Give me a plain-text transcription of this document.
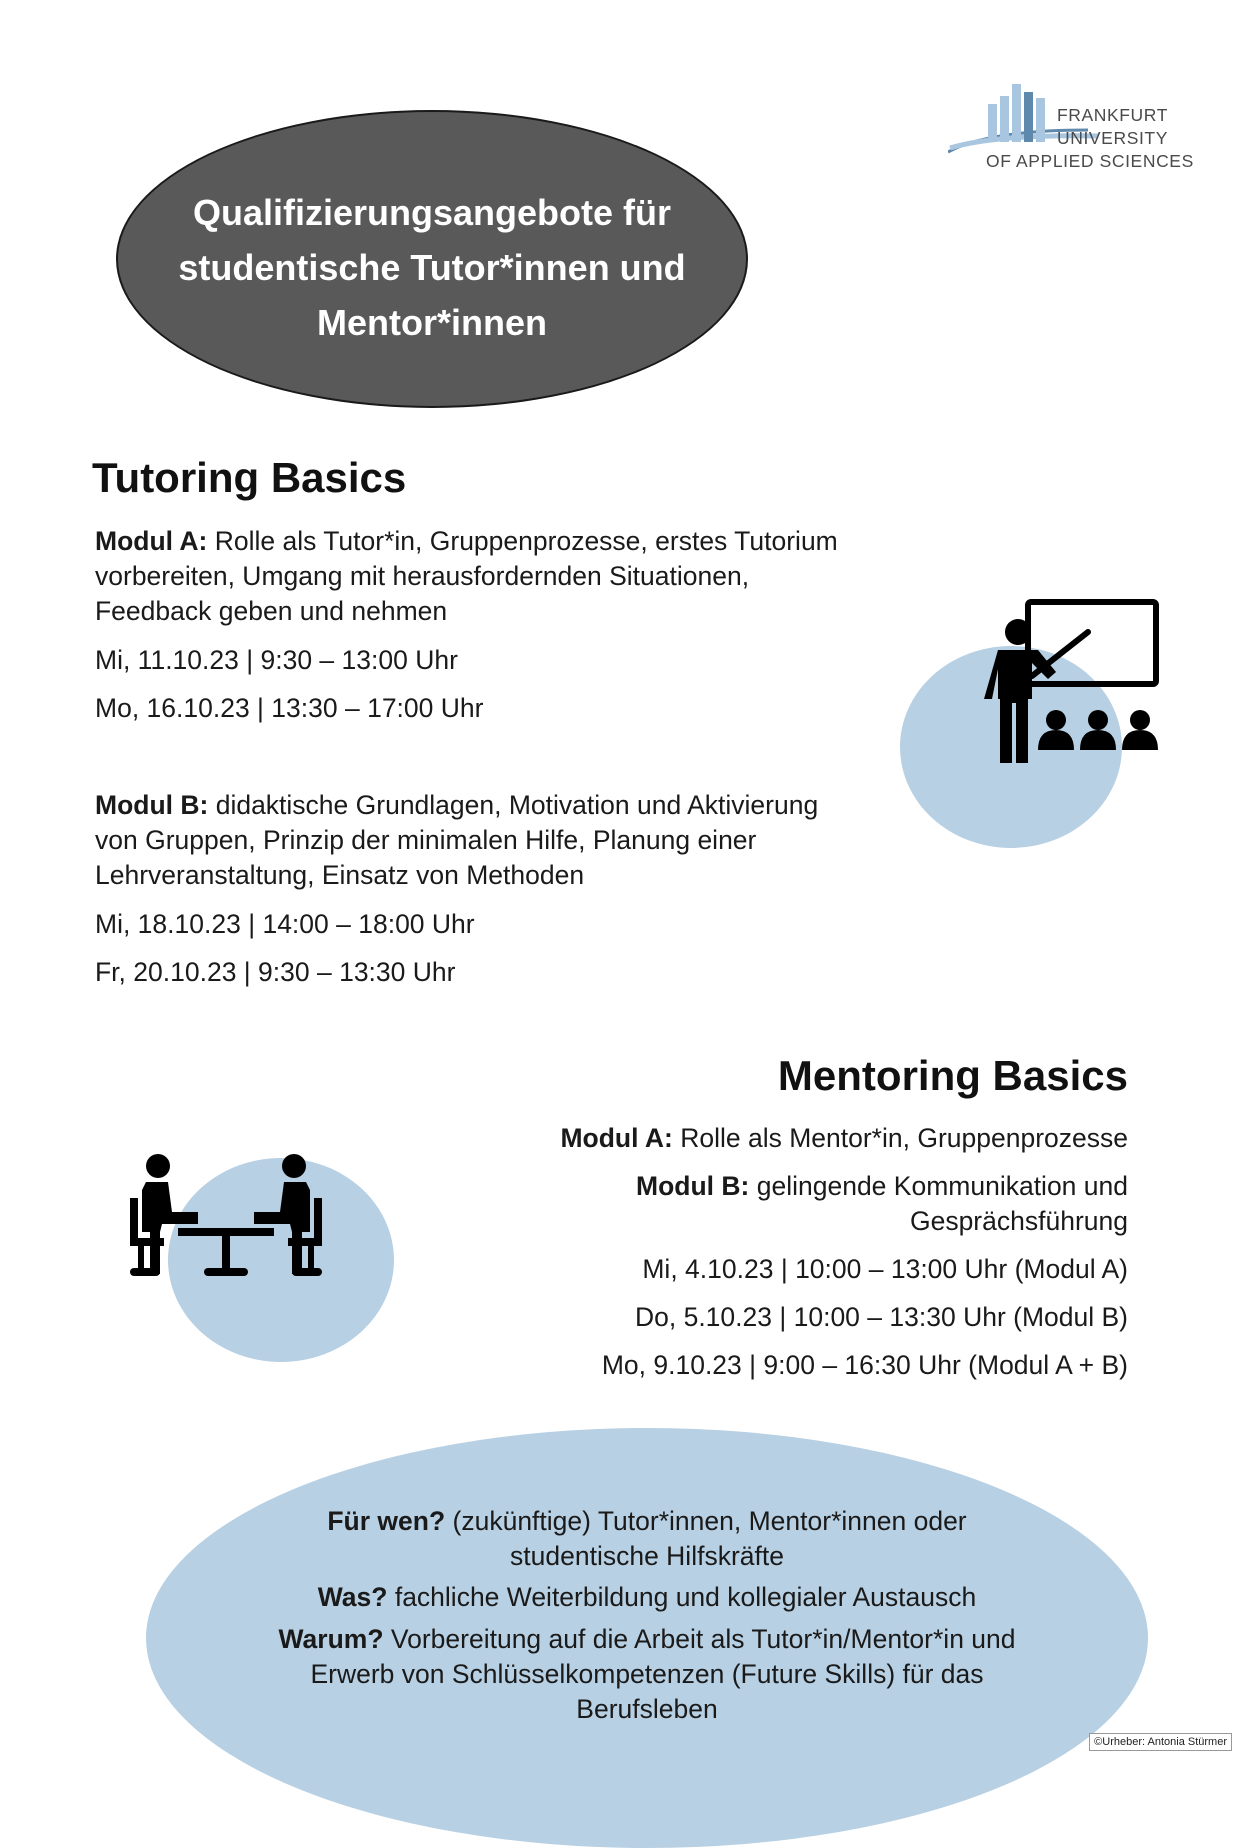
FRANKFURT
UNIVERSITY
OF APPLIED SCIENCES
Qualifizierungsangebote für
studentische Tutor*innen und
Mentor*innen
Tutoring Basics
Modul A: Rolle als Tutor*in, Gruppenprozesse, erstes Tutorium
vorbereiten, Umgang mit herausfordernden Situationen,
Feedback geben und nehmen
Mi, 11.10.23 | 9:30 – 13:00 Uhr
Mo, 16.10.23 | 13:30 – 17:00 Uhr
Modul B: didaktische Grundlagen, Motivation und Aktivierung
von Gruppen, Prinzip der minimalen Hilfe, Planung einer
Lehrveranstaltung, Einsatz von Methoden
Mi, 18.10.23 | 14:00 – 18:00 Uhr
Fr, 20.10.23 | 9:30 – 13:30 Uhr
Mentoring Basics
Modul A: Rolle als Mentor*in, Gruppenprozesse
Modul B: gelingende Kommunikation und
Gesprächsführung
Mi, 4.10.23 | 10:00 – 13:00 Uhr (Modul A)
Do, 5.10.23 | 10:00 – 13:30 Uhr (Modul B)
Mo, 9.10.23 | 9:00 – 16:30 Uhr (Modul A + B)
Für wen? (zukünftige) Tutor*innen, Mentor*innen oder
studentische Hilfskräfte
Was? fachliche Weiterbildung und kollegialer Austausch
Warum? Vorbereitung auf die Arbeit als Tutor*in/Mentor*in und
Erwerb von Schlüsselkompetenzen (Future Skills) für das
Berufsleben
©Urheber: Antonia Stürmer
